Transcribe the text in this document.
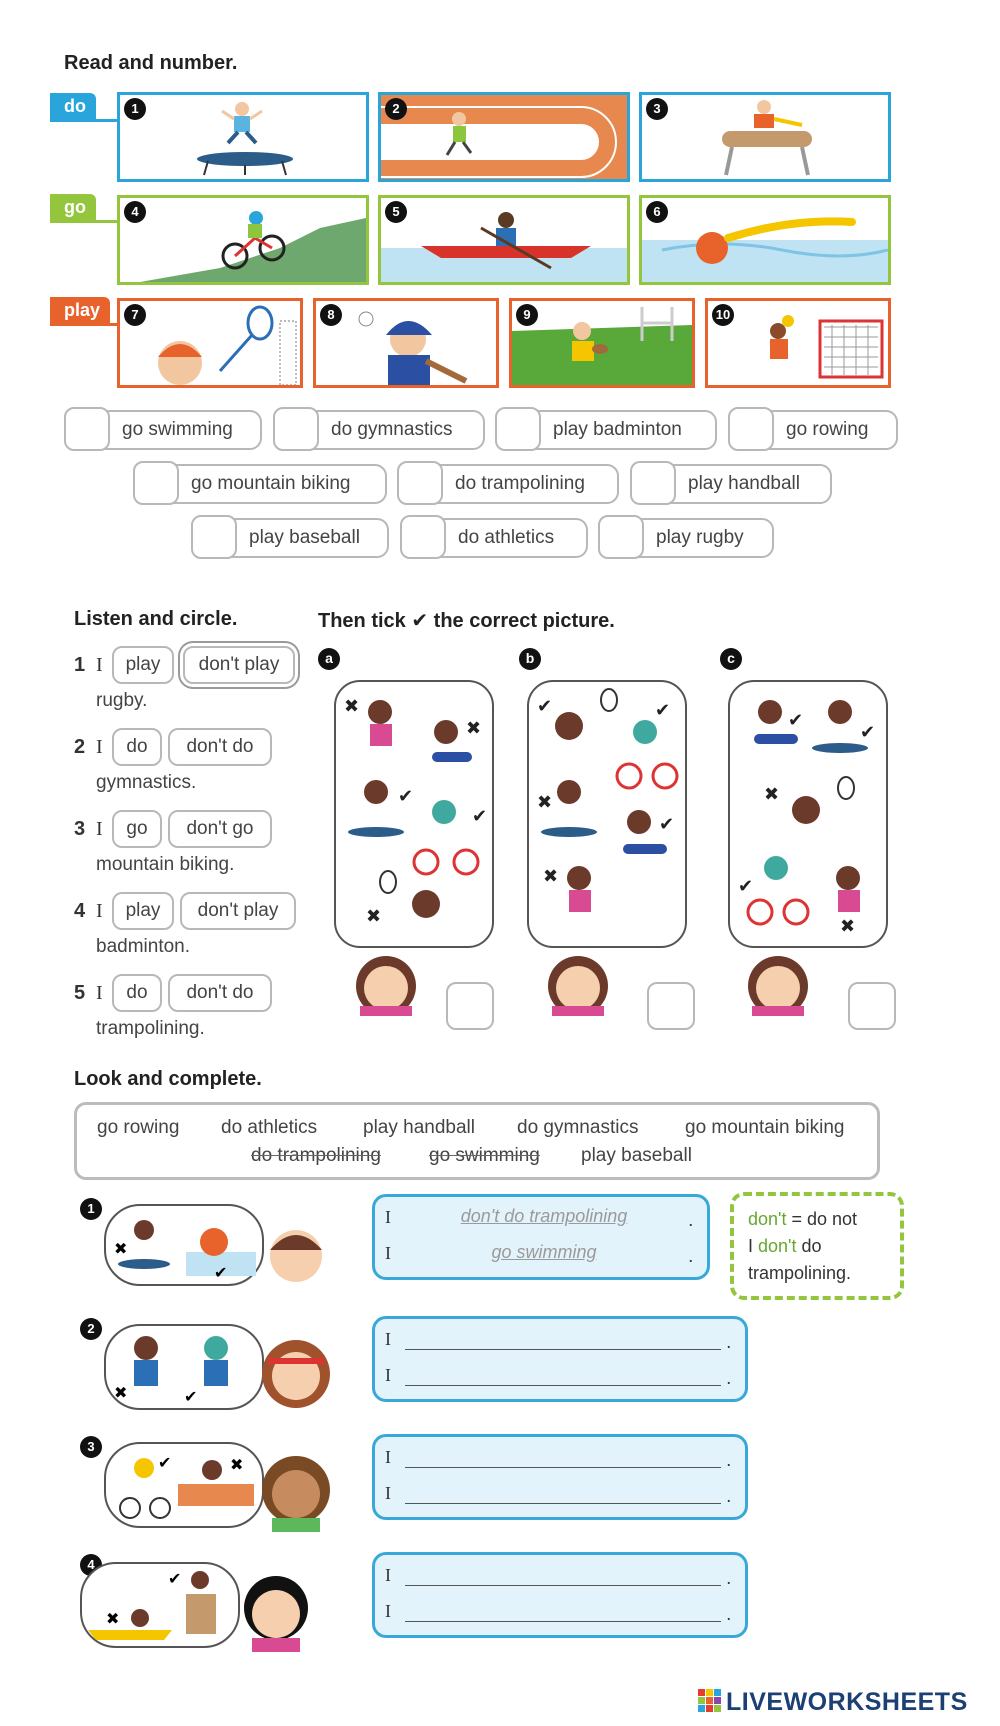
Read and number.
do
go
play
1	2	3
4	5	6
7	8	9	10
go swimming	do gymnastics	play badminton	go rowing
go mountain biking	do trampolining	play handball
play baseball	do athletics	play rugby
Listen and circle.	Then tick ✔ the correct picture.
1 I	play	don't play
rugby.
2 I	do	don't do
gymnastics.
3 I	go	don't go
mountain biking.
4 I	play	don't play
badminton.
5 I	do	don't do
trampolining.
a	b	c
✖
✖
✔
✔
✖
✔	✔
✖
✔
✖
✔
✔
✖
✔
✖
Look and complete.
go rowing do athletics play handball do gymnastics go mountain biking
do trampolining	go swimming play baseball
1
✖
✔
I	don't do trampolining	.
I	go swimming	.
don't = do not
I don't do
trampolining.
2
✖	✔
I	.
I	.
3
✔	✖	I	.
I	.
4
✖
✔	I	.
I	.
LIVEWORKSHEETS
